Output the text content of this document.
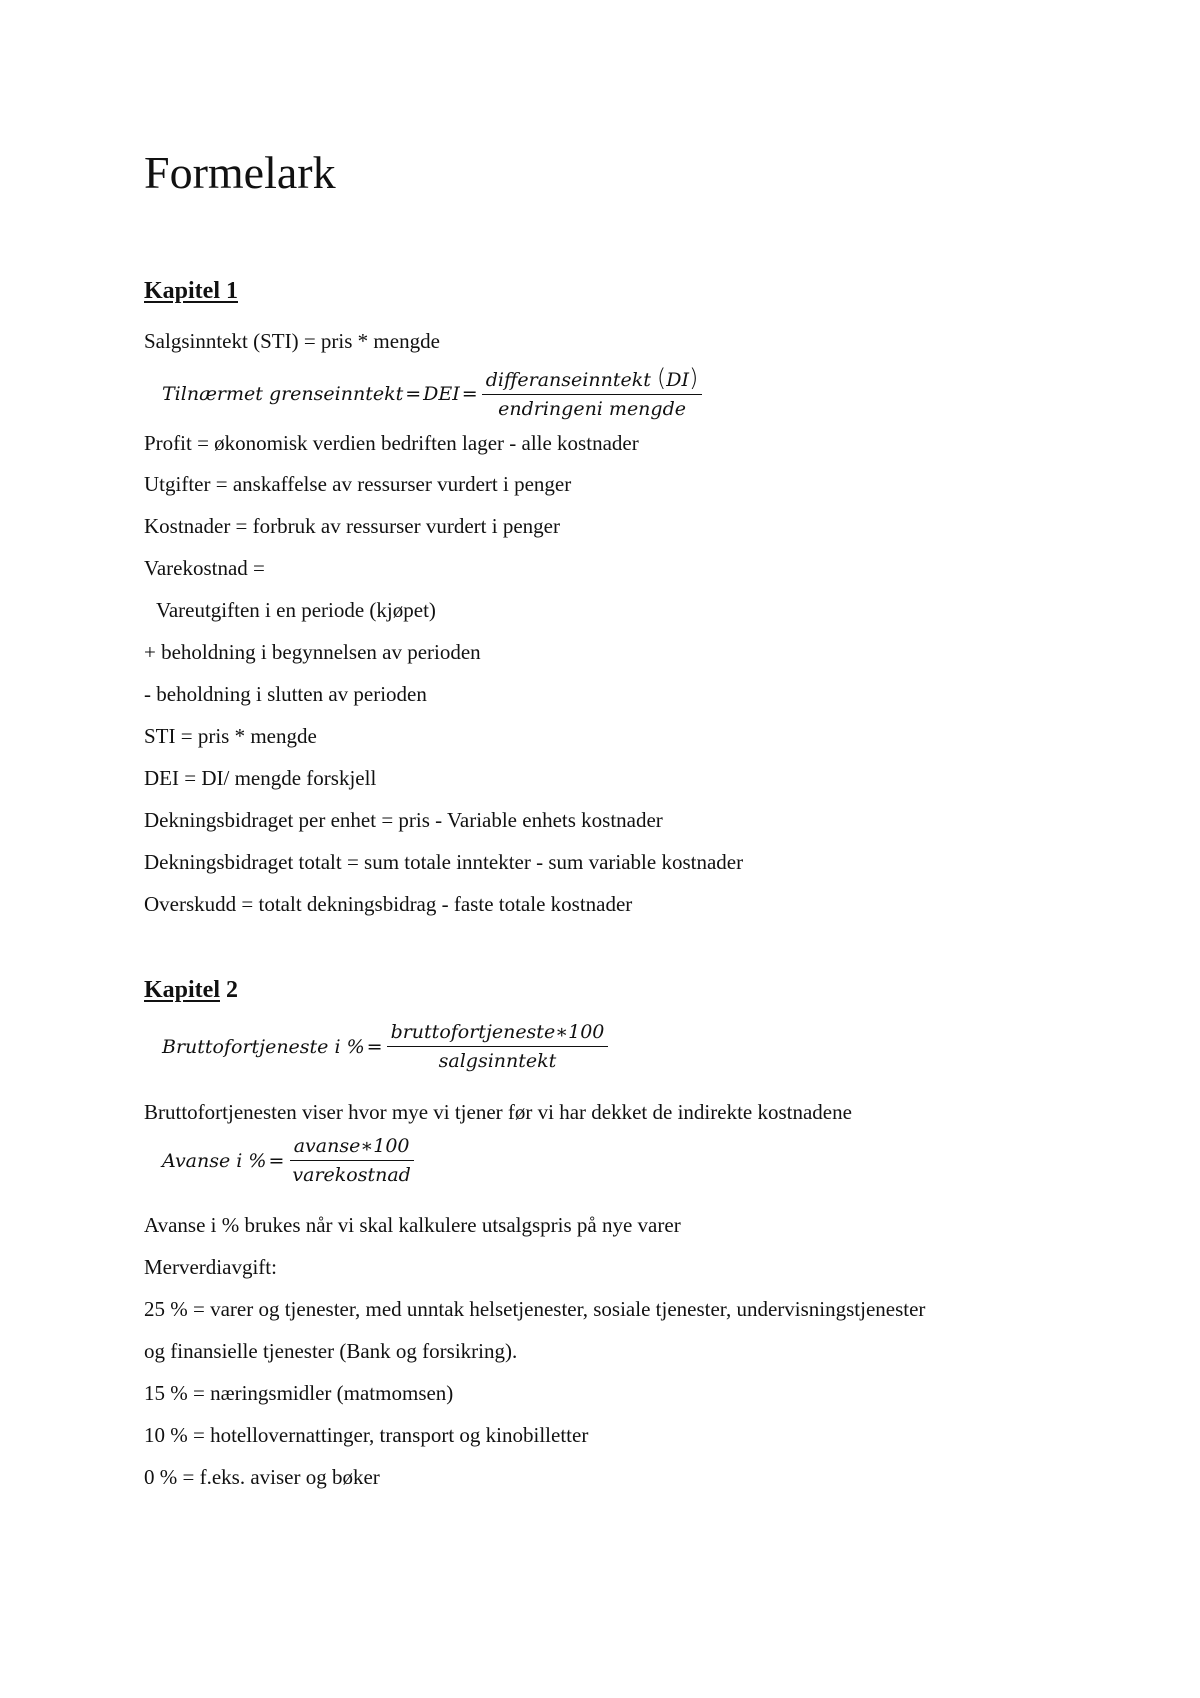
Formelark
Kapitel 1
Salgsinntekt (STI) = pris * mengde
Tilnærmet grenseinntekt = DEI = $\frac{\text{differanseinntekt (DI)}}{\text{endringeni mengde}}$
Profit = økonomisk verdien bedriften lager - alle kostnader
Utgifter = anskaffelse av ressurser vurdert i penger
Kostnader = forbruk av ressurser vurdert i penger
Varekostnad =
Vareutgiften i en periode (kjøpet)
+ beholdning i begynnelsen av perioden
- beholdning i slutten av perioden
STI = pris * mengde
DEI = DI/ mengde forskjell
Dekningsbidraget per enhet = pris - Variable enhets kostnader
Dekningsbidraget totalt = sum totale inntekter - sum variable kostnader
Overskudd = totalt dekningsbidrag - faste totale kostnader
Kapitel 2
Bruttofortjeneste i % = $\frac{\text{bruttofortjeneste∗100}}{\text{salgsinntekt}}$
Bruttofortjenesten viser hvor mye vi tjener før vi har dekket de indirekte kostnadene
Avanse i % = $\frac{\text{avanse∗100}}{\text{varekostnad}}$
Avanse i % brukes når vi skal kalkulere utsalgspris på nye varer
Merverdiavgift:
25 % = varer og tjenester, med unntak helsetjenester, sosiale tjenester, undervisningstjenester
og finansielle tjenester (Bank og forsikring).
15 % = næringsmidler (matmomsen)
10 % = hotellovernattinger, transport og kinobilletter
0 % = f.eks. aviser og bøker
